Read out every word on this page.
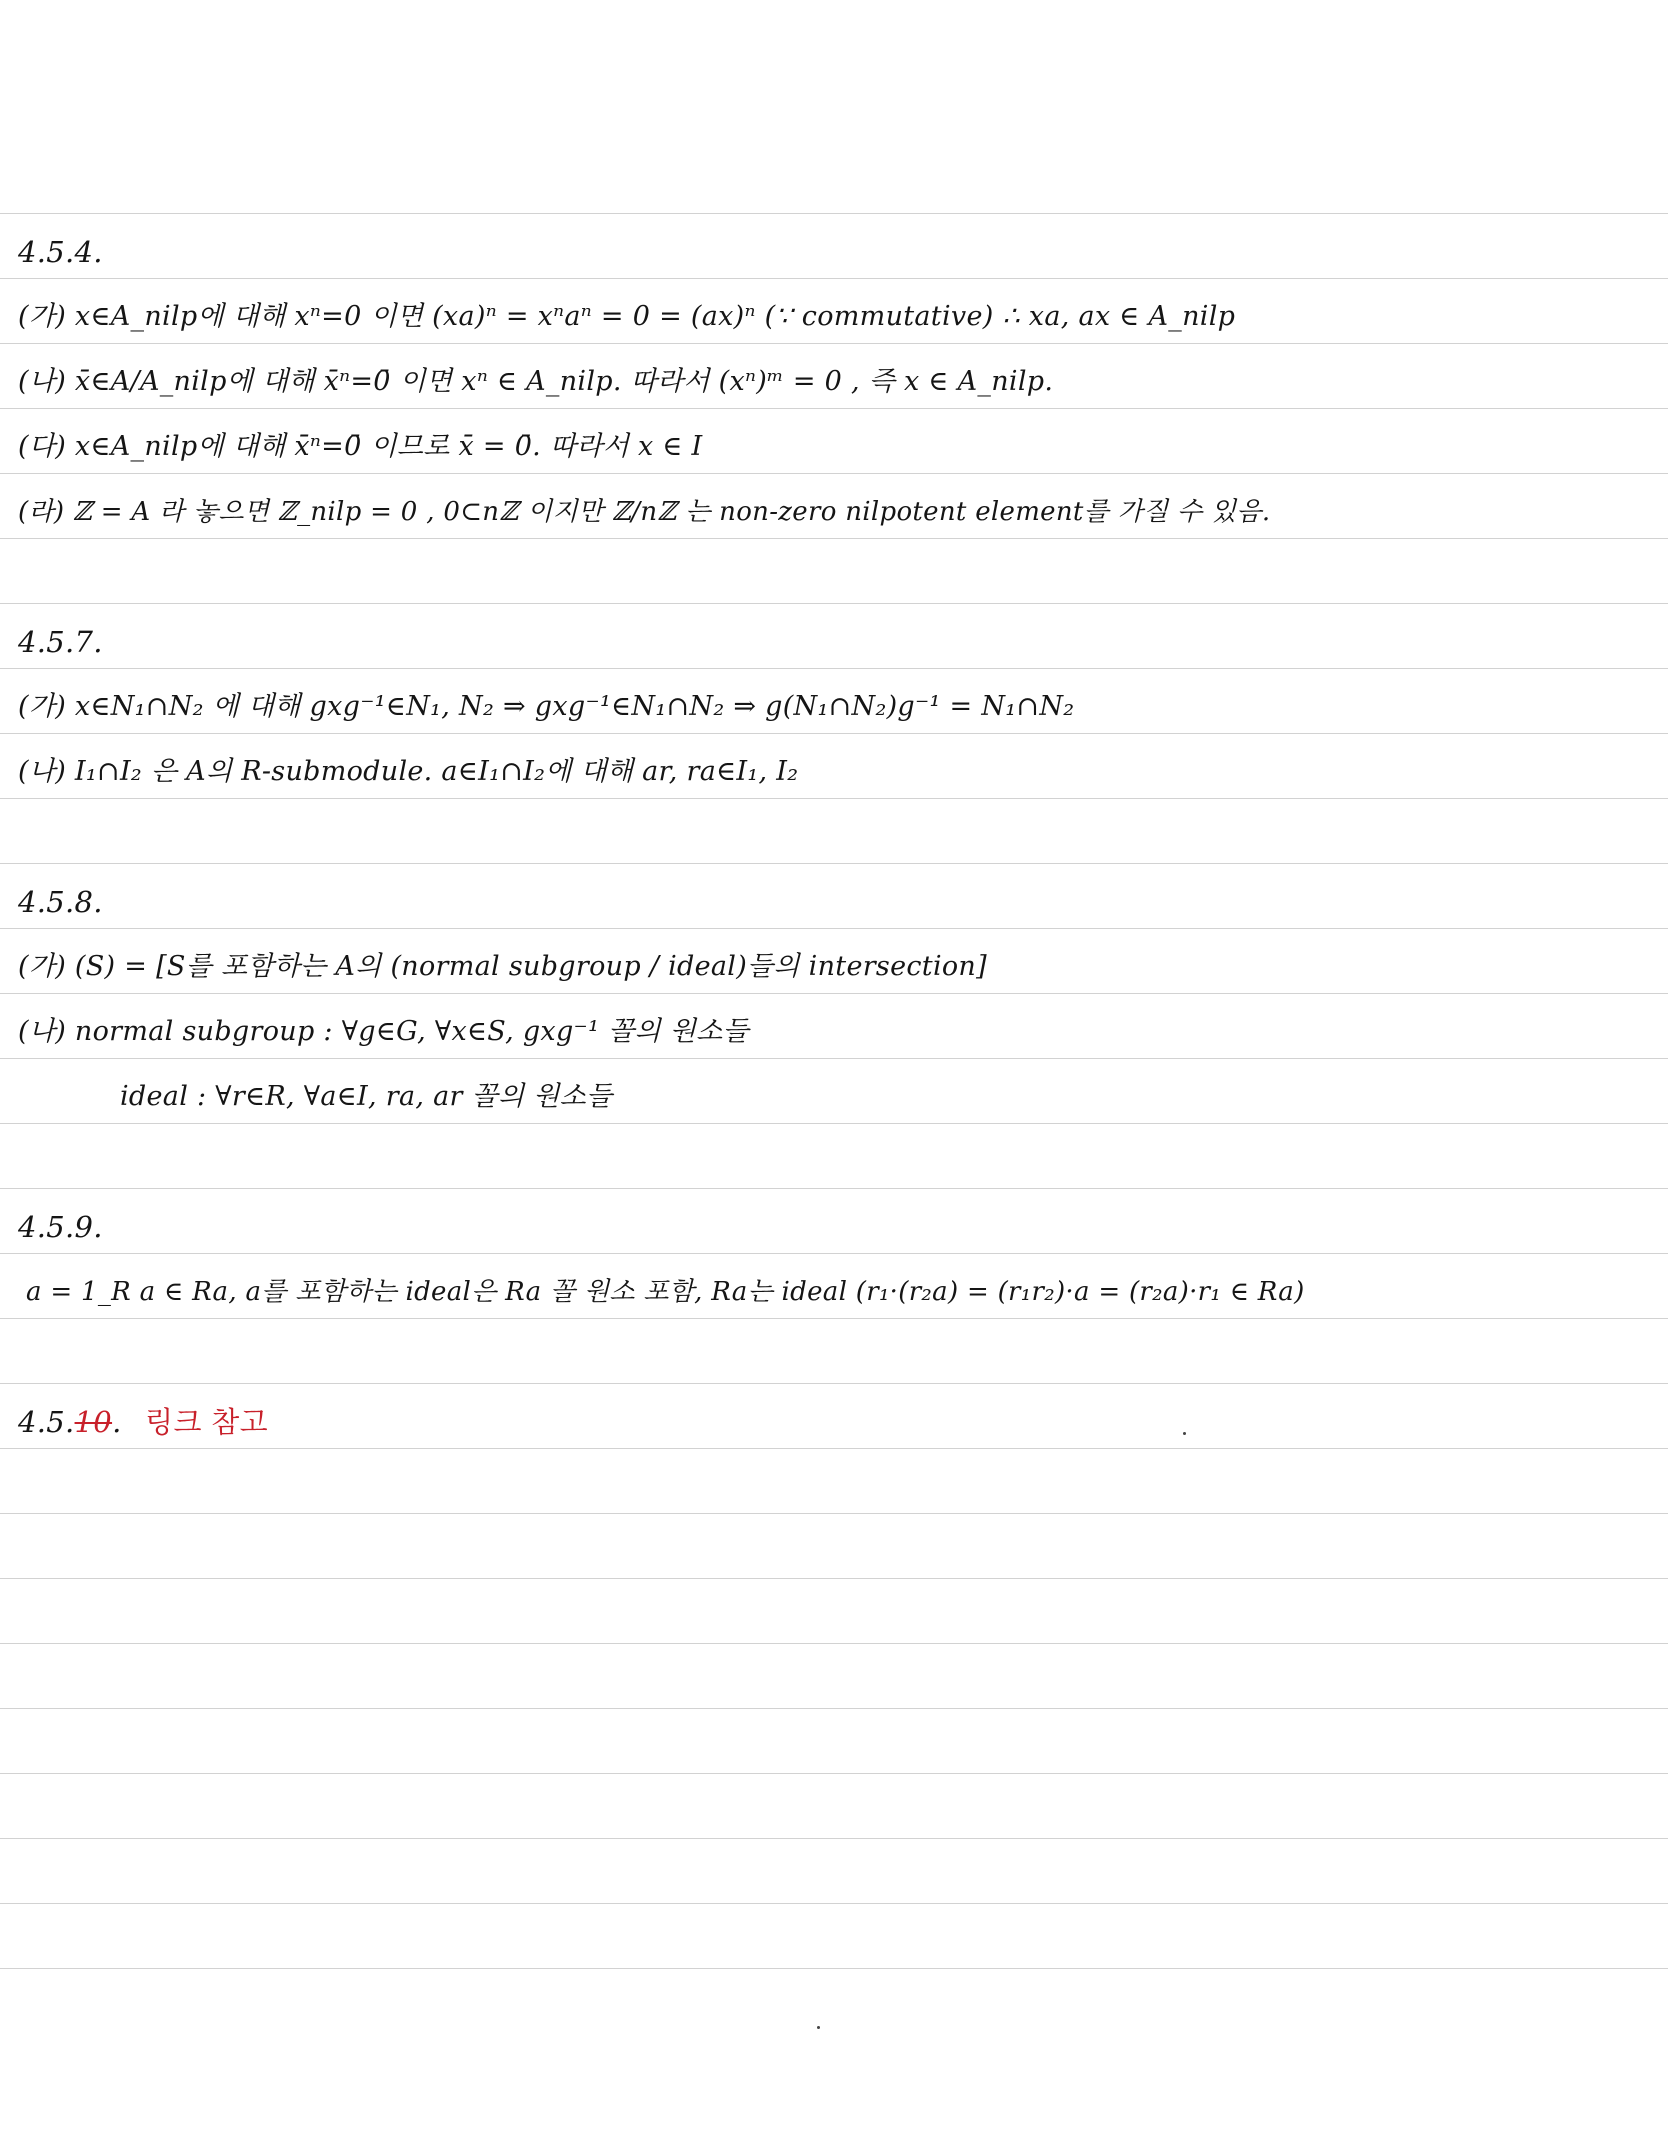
4.5.4.
(가) x∈A_nilp에 대해 xⁿ=0 이면 (xa)ⁿ = xⁿaⁿ = 0 = (ax)ⁿ (∵ commutative) ∴ xa, ax ∈ A_nilp
(나) x̄∈A/A_nilp에 대해 x̄ⁿ=0̄ 이면 xⁿ ∈ A_nilp. 따라서 (xⁿ)ᵐ = 0 , 즉 x ∈ A_nilp.
(다) x∈A_nilp에 대해 x̄ⁿ=0̄ 이므로 x̄ = 0̄. 따라서 x ∈ I
(라) ℤ = A 라 놓으면 ℤ_nilp = 0 , 0⊂nℤ 이지만 ℤ/nℤ 는 non-zero nilpotent element를 가질 수 있음.
4.5.7.
(가) x∈N₁∩N₂ 에 대해 gxg⁻¹∈N₁, N₂ ⇒ gxg⁻¹∈N₁∩N₂ ⇒ g(N₁∩N₂)g⁻¹ = N₁∩N₂
(나) I₁∩I₂ 은 A의 R-submodule. a∈I₁∩I₂에 대해 ar, ra∈I₁, I₂
4.5.8.
(가) (S) = [S를 포함하는 A의 (normal subgroup / ideal)들의 intersection]
(나) normal subgroup : ∀g∈G, ∀x∈S, gxg⁻¹ 꼴의 원소들
ideal : ∀r∈R, ∀a∈I, ra, ar 꼴의 원소들
4.5.9.
a = 1_R a ∈ Ra, a를 포함하는 ideal은 Ra 꼴 원소 포함, Ra는 ideal (r₁·(r₂a) = (r₁r₂)·a = (r₂a)·r₁ ∈ Ra)
4.5.10. 링크 참고
